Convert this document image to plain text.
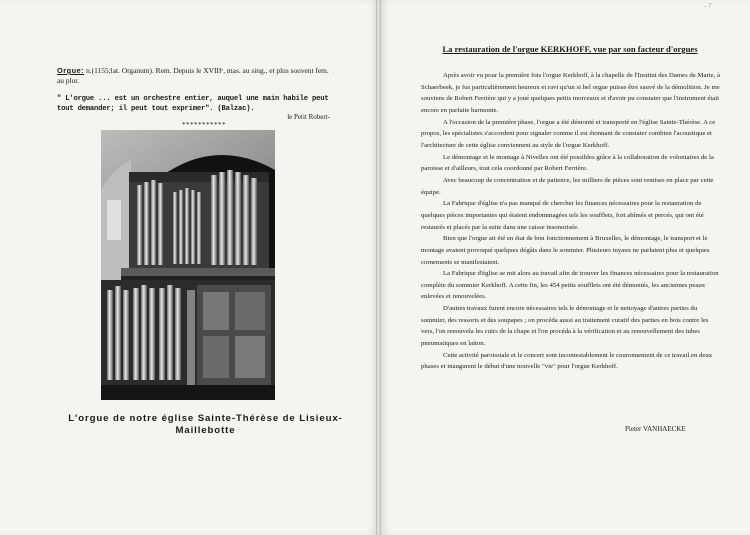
Orgue: n.(1155;lat. Organum). Rem. Depuis le XVIIIᵉ, mas. au sing., et plus souvent fem. au plur.
" L'orgue ... est un orchestre entier, auquel une main habile peut tout demander; il peut tout exprimer". (Balzac).
le Petit Robert-
***********
L'orgue de notre église Sainte-Thérèse de Lisieux-Maillebotte
- 7
La restauration de l'orgue KERKHOFF, vue par son facteur d'orgues

Après avoir vu pour la première fois l'orgue Kerkhoff, à la chapelle de l'Institut des Dames de Marie, à Schaerbeek, je fus particulièrement heureux et ravi qu'un si bel orgue puisse être sauvé de la démolition. Je me souviens de Robert Ferrière qui y a joué quelques petits morceaux et d'avoir pu constater que l'instrument était encore en parfaite harmonie.

A l'occasion de la première phase, l'orgue a été démonté et transporté en l'église Sainte-Thérèse. A ce propos, les spécialistes s'accordent pour signaler comme il est étonnant de constater combien l'acoustique et l'architecture de cette église conviennent au style de l'orgue Kerkhoff.

Le démontage et le montage à Nivelles ont été possibles grâce à la collaboration de volontaires de la paroisse et d'ailleurs, tout cela coordonné par Robert Ferrière.

Avec beaucoup de concentration et de patience, les milliers de pièces sont remises en place par cette équipe.

La Fabrique d'église n'a pas manqué de chercher les finances nécessaires pour la restauration de quelques pièces importantes qui étaient endommagées tels les soufflets, fort abîmés et percés, qui ont été restaurés et placés par la suite dans une caisse insonorisée.

Bien que l'orgue ait été en état de bon fonctionnement à Bruxelles, le démontage, le transport et le montage avaient provoqué quelques dégâts dans le sommier. Plusieurs tuyaux ne parlaient plus et quelques cornements se manifestaient.

La Fabrique d'église se mit alors au travail afin de trouver les finances nécessaires pour la restauration complète du sommier Kerkhoff. A cette fin, les 454 petits soufflets ont été démontés, les anciennes peaux enlevées et renouvelées.

D'autres travaux furent encore nécessaires tels le démontage et le nettoyage d'autres parties du sommier, des ressorts et des soupapes ; on procéda aussi au traitement curatif des parties en bois contre les vers, l'on renouvela les cuirs de la chape et l'on procéda à la vérification et au renouvellement des tubes pneumatiques en laiton.

Cette activité paroissiale et le concert sont incontestablement le couronnement de ce travail en deux phases et inaugurent le début d'une nouvelle "vie" pour l'orgue Kerkhoff.

Pieter VANHAECKE
